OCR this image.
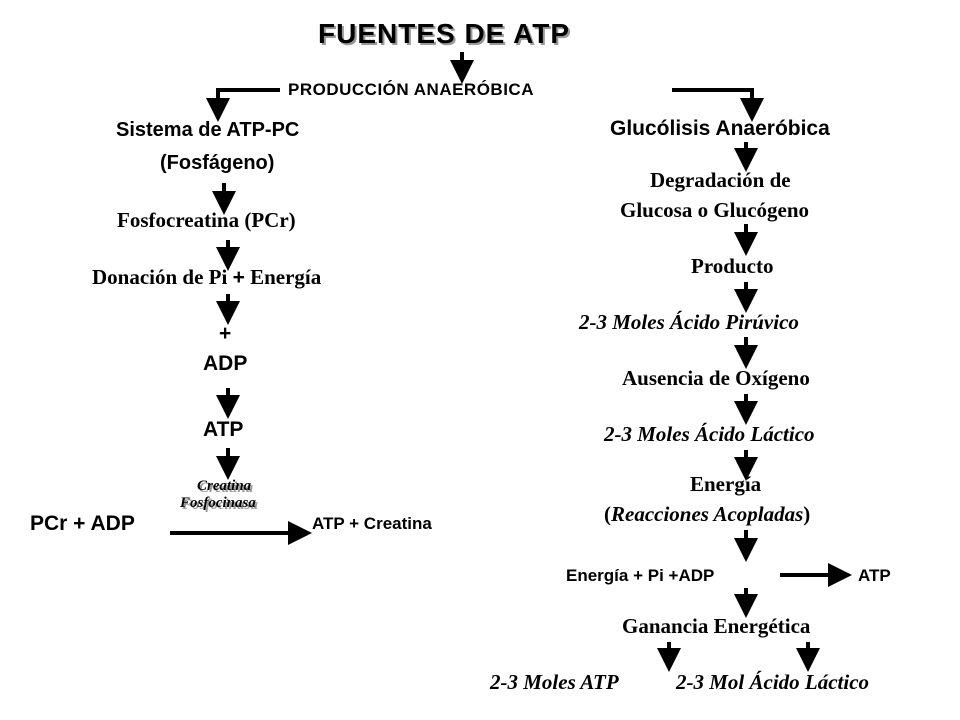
FUENTES DE ATP
PRODUCCIÓN ANAERÓBICA
Sistema de ATP-PC
(Fosfágeno)
Fosfocreatina (PCr)
Donación de Pi + Energía
+
ADP
ATP
Creatina
Fosfocinasa
PCr + ADP	ATP + Creatina
Glucólisis Anaeróbica
Degradación de
Glucosa o Glucógeno
Producto
2-3 Moles Ácido Pirúvico
Ausencia de Oxígeno
2-3 Moles Ácido Láctico
Energía
(Reacciones Acopladas)
Energía + Pi +ADP	ATP
Ganancia Energética
2-3 Moles ATP	2-3 Mol Ácido Láctico
